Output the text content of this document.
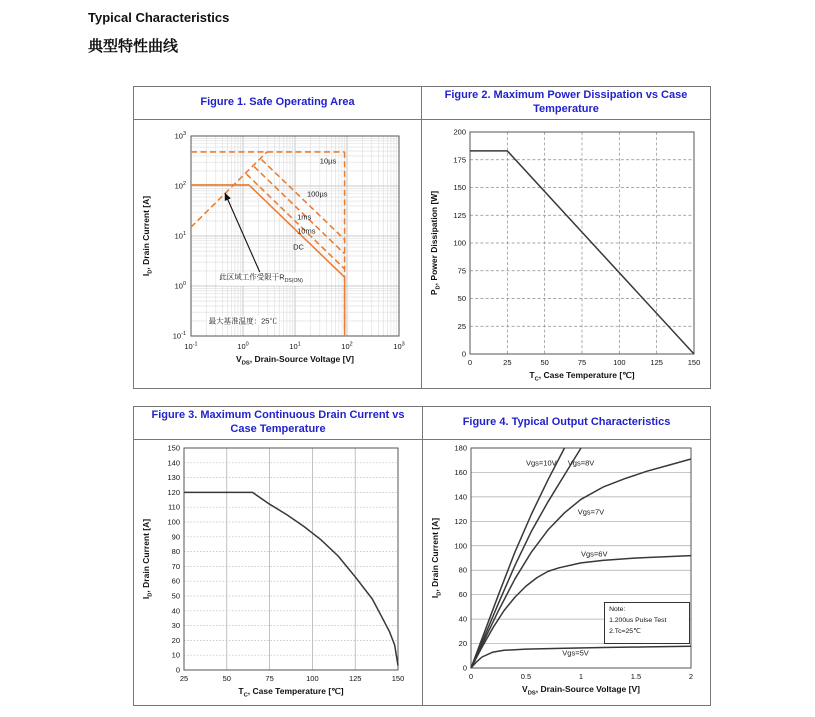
Typical Characteristics
典型特性曲线
Figure 1. Safe Operating Area
$10^{-1}$	$10^0$	$10^1$	$10^2$	$10^3$
$10^{-1}$
$10^0$
$10^1$
$10^2$
$10^3$
10µs
100µs
1ms
10ms
DC
此区域工作受限于$R_{DS(ON)}$
最大基准温度：25℃
$V_{DS}$, Drain-Source Voltage [V]
$I_D$, Drain Current [A]
Figure 2. Maximum Power Dissipation vs Case Temperature
0	25	50	75	100	125	150
0
25
50
75
100
125
150
175
200
$T_C$, Case Temperature [℃]
$P_D$, Power Dissipation [W]
Figure 3. Maximum Continuous Drain Current vs Case Temperature
25	50	75	100	125	150
0
10
20
30
40
50
60
70
80
90
100
110
120
130
140
150
$T_C$, Case Temperature [℃]
$I_D$, Drain Current [A]
Figure 4. Typical Output Characteristics
0	0.5	1	1.5	2
0
20
40
60
80
100
120
140
160
180
Vgs=10V Vgs=8V
Vgs=7V
Vgs=6V
Vgs=5V
Note:
1.200us Pulse Test
2.Tc=25℃
$V_{DS}$, Drain-Source Voltage [V]
$I_D$, Drain Current [A]
